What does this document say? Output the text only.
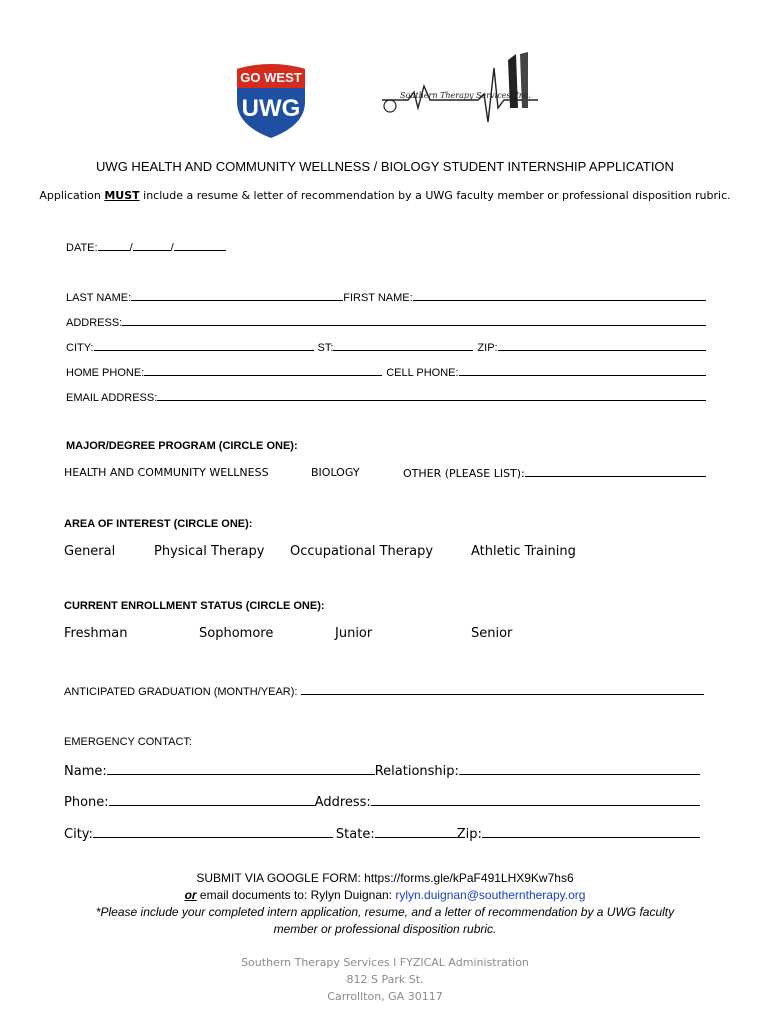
GO WEST
UWG	Southern Therapy Services, Inc.
UWG HEALTH AND COMMUNITY WELLNESS / BIOLOGY STUDENT INTERNSHIP APPLICATION
Application MUST include a resume & letter of recommendation by a UWG faculty member or professional disposition rubric.
DATE:	/	/
LAST NAME:	FIRST NAME:
ADDRESS:
CITY:	ST:	ZIP:
HOME PHONE:	CELL PHONE:
EMAIL ADDRESS:
MAJOR/DEGREE PROGRAM (CIRCLE ONE):
HEALTH AND COMMUNITY WELLNESS	BIOLOGY	OTHER (PLEASE LIST):
AREA OF INTEREST (CIRCLE ONE):
General	Physical Therapy Occupational Therapy	Athletic Training
CURRENT ENROLLMENT STATUS (CIRCLE ONE):
Freshman	Sophomore	Junior	Senior
ANTICIPATED GRADUATION (MONTH/YEAR):
EMERGENCY CONTACT:
Name:	Relationship:
Phone:	Address:
City:	State:	Zip:
SUBMIT VIA GOOGLE FORM: https://forms.gle/kPaF491LHX9Kw7hs6
or email documents to: Rylyn Duignan: rylyn.duignan@southerntherapy.org
*Please include your completed intern application, resume, and a letter of recommendation by a UWG faculty
member or professional disposition rubric.
Southern Therapy Services l FYZICAL Administration
812 S Park St.
Carrollton, GA 30117
